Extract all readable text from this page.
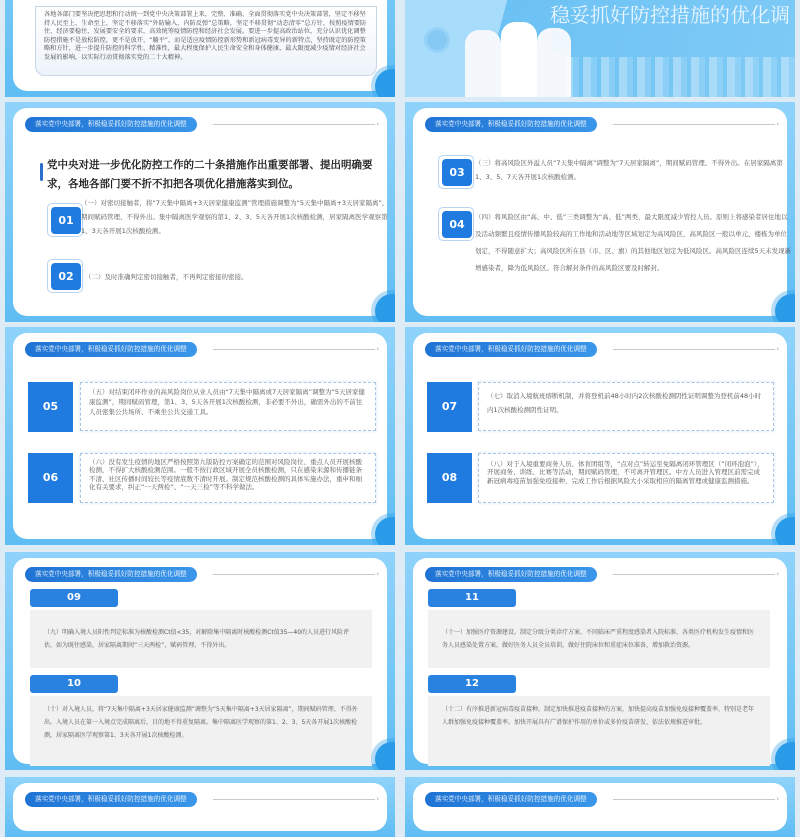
各地各部门要坚决把思想和行动统一到党中央决策部署上来，完整、准确、全面贯彻落实党中央决策部署，坚定不移坚持人民至上、生命至上，坚定不移落实“外防输入、内防反弹”总策略，坚定不移贯彻“动态清零”总方针，按照疫情要防住、经济要稳住、发展要安全的要求，高效统筹疫情防控和经济社会发展。要进一步提高政治站位，充分认识优化调整防控措施不是放松防控，更不是放开、“躺平”，而是适应疫情防控新形势和新冠病毒变异的新特点，坚持既定的防控策略和方针，进一步提升防控的科学性、精准性，最大程度保护人民生命安全和身体健康，最大限度减少疫情对经济社会发展的影响，以实际行动贯彻落实党的二十大精神。
稳妥抓好防控措施的优化调整
落实党中央部署，积极稳妥抓好防控措施的优化调整	›
党中央对进一步优化防控工作的二十条措施作出重要部署、提出明确要求，各地各部门要不折不扣把各项优化措施落实到位。
01
（一）对密切接触者，将“7天集中隔离+3天居家健康监测”管理措施调整为“5天集中隔离+3天居家隔离”，期间赋码管理、不得外出。集中隔离医学观察的第1、2、3、5天各开展1次核酸检测，居家隔离医学观察第1、3天各开展1次核酸检测。
02	（二）及时准确判定密切接触者，不再判定密接的密接。
落实党中央部署，积极稳妥抓好防控措施的优化调整	›
03
（三）将高风险区外溢人员“7天集中隔离”调整为“7天居家隔离”，期间赋码管理、不得外出。在居家隔离第1、3、5、7天各开展1次核酸检测。
04
（四）将风险区由“高、中、低”三类调整为“高、低”两类，最大限度减少管控人员。原则上将感染者居住地以及活动频繁且疫情传播风险较高的工作地和活动地等区域划定为高风险区，高风险区一般以单元、楼栋为单位划定，不得随意扩大；高风险区所在县（市、区、旗）的其他地区划定为低风险区。高风险区连续5天未发现新增感染者，降为低风险区。符合解封条件的高风险区要及时解封。
落实党中央部署，积极稳妥抓好防控措施的优化调整	›
05
（五）对结束闭环作业的高风险岗位从业人员由“7天集中隔离或7天居家隔离”调整为“5天居家健康监测”，期间赋码管理，第1、3、5天各开展1次核酸检测，非必要不外出，确需外出的不前往人员密集公共场所、不乘坐公共交通工具。
06
（六）没有发生疫情的地区严格按照第九版防控方案确定的范围对风险岗位、重点人员开展核酸检测，不得扩大核酸检测范围。一般不按行政区域开展全员核酸检测，只在感染来源和传播链条不清、社区传播时间较长等疫情底数不清时开展。制定规范核酸检测的具体实施办法，重申和细化有关要求，纠正“一天两检”、“一天三检”等不科学做法。
落实党中央部署，积极稳妥抓好防控措施的优化调整	›
07
（七）取消入境航班熔断机制，并将登机前48小时内2次核酸检测阴性证明调整为登机前48小时内1次核酸检测阴性证明。
08
（八）对于入境重要商务人员、体育团组等，“点对点”转运至免隔离闭环管理区（“闭环泡泡”），开展商务、训练、比赛等活动，期间赋码管理，不可离开管理区。中方人员进入管理区前需完成新冠病毒疫苗加强免疫接种，完成工作后根据风险大小采取相应的隔离管理或健康监测措施。
落实党中央部署，积极稳妥抓好防控措施的优化调整	›
09
（九）明确入境人员阳性判定标准为核酸检测Ct值<35，对解除集中隔离时核酸检测Ct值35—40的人员进行风险评估，如为既往感染，居家隔离期间“三天两检”，赋码管理、不得外出。
10
（十）对入境人员，将“7天集中隔离+3天居家健康监测”调整为“5天集中隔离+3天居家隔离”，期间赋码管理、不得外出。入境人员在第一入境点完成隔离后，目的地不得重复隔离。集中隔离医学观察的第1、2、3、5天各开展1次核酸检测，居家隔离医学观察第1、3天各开展1次核酸检测。
落实党中央部署，积极稳妥抓好防控措施的优化调整	›
11
（十一）加强医疗资源建设。制定分级分类诊疗方案、不同临床严重程度感染者入院标准、各类医疗机构发生疫情和医务人员感染处置方案，做好医务人员全员培训，做好住院床位和重症床位准备，增加救治资源。
12
（十二）有序推进新冠病毒疫苗接种。制定加快推进疫苗接种的方案，加快提高疫苗加强免疫接种覆盖率，特别是老年人群加强免疫接种覆盖率。加快开展具有广谱保护作用的单价或多价疫苗研发，依法依规推进审批。
落实党中央部署，积极稳妥抓好防控措施的优化调整	›	落实党中央部署，积极稳妥抓好防控措施的优化调整	›
